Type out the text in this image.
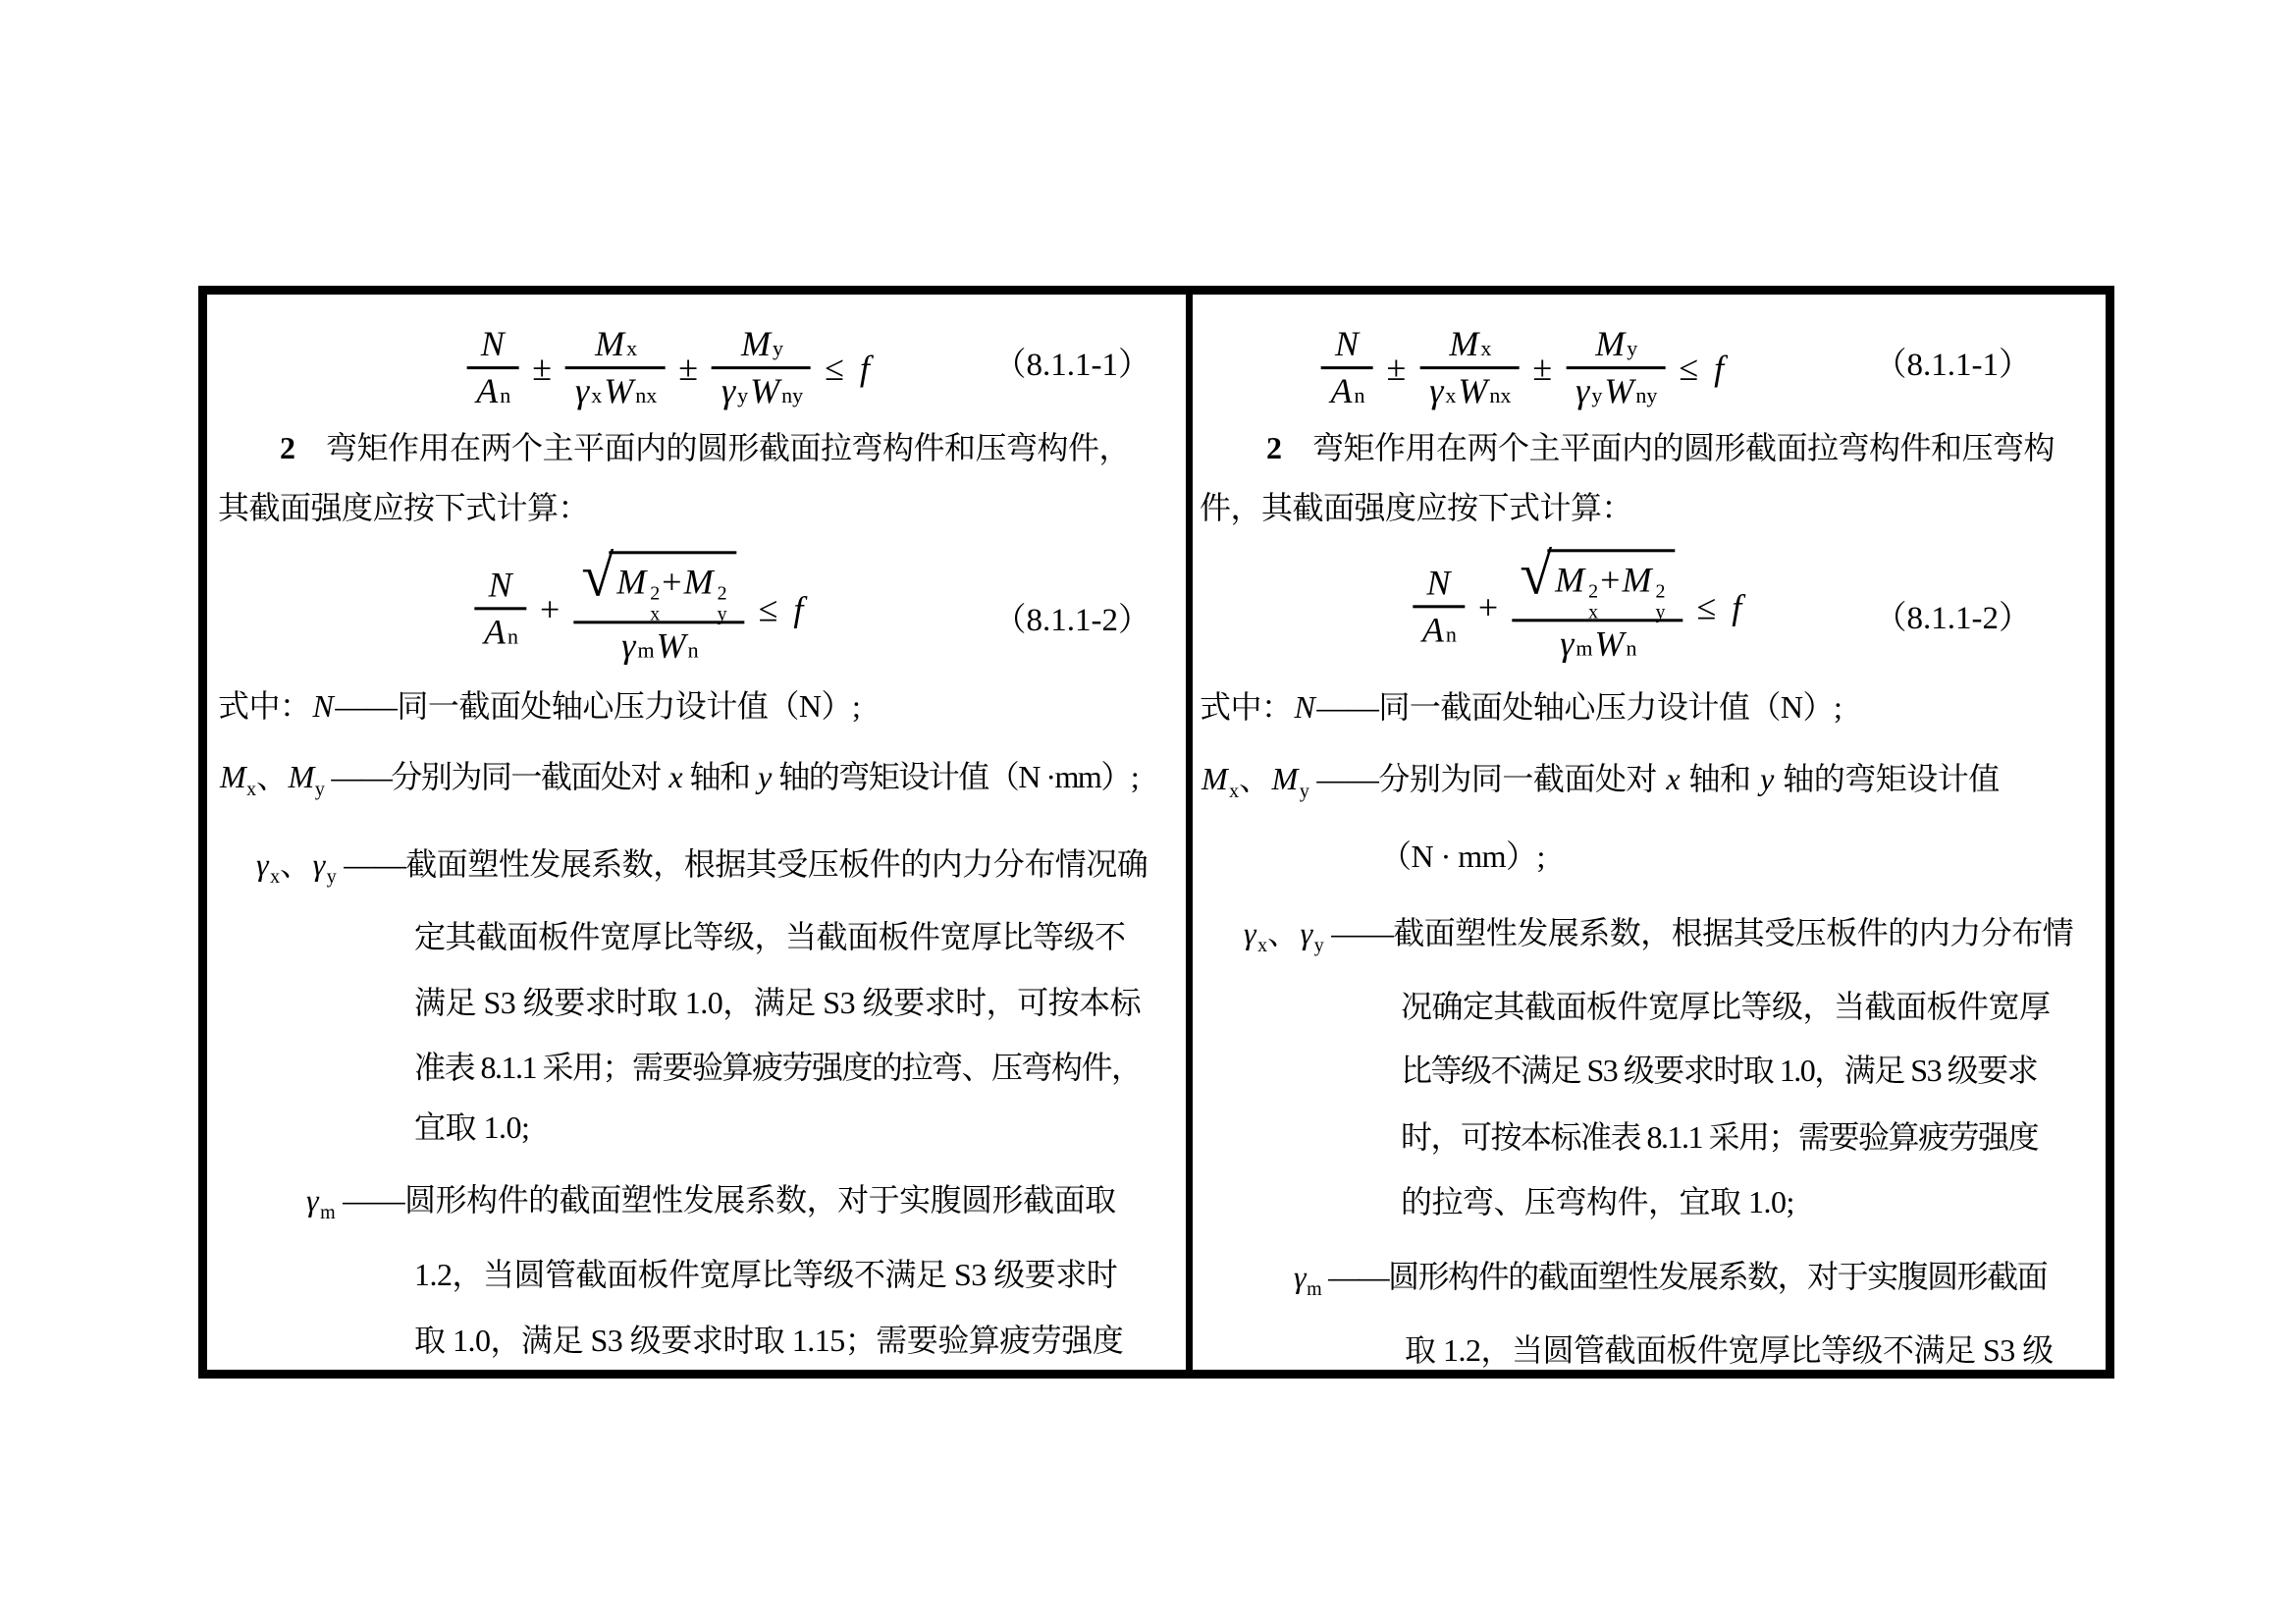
$\frac{N}{\text{A n}} \pm \frac{\text{M x}}{\text{γ x W nx}} \pm \frac{\text{M y}}{\text{γ y W ny}} \le f$	（8.1.1-1）
2　弯矩作用在两个主平面内的圆形截面拉弯构件和压弯构件，
其截面强度应按下式计算：
$\frac{N}{\text{A n}}$ + √ M 2
x
+ M 2
y
γ m W n ≤ f	（8.1.1-2）
式中：N——同一截面处轴心压力设计值（N）;
M $_x$、M $_y$ ——分别为同一截面处对 x 轴和 y 轴的弯矩设计值（N ·mm）;
γ $_x$、γ $_y$ ——截面塑性发展系数，根据其受压板件的内力分布情况确
定其截面板件宽厚比等级，当截面板件宽厚比等级不
满足 S3 级要求时取 1.0，满足 S3 级要求时，可按本标
准表 8.1.1 采用；需要验算疲劳强度的拉弯、压弯构件，
宜取 1.0;
γ $_m$ ——圆形构件的截面塑性发展系数，对于实腹圆形截面取
1.2，当圆管截面板件宽厚比等级不满足 S3 级要求时
取 1.0，满足 S3 级要求时取 1.15；需要验算疲劳强度
$\frac{N}{\text{A n}} \pm \frac{\text{M x}}{\text{γ x W nx}} \pm \frac{\text{M y}}{\text{γ y W ny}} \le f$	（8.1.1-1）
2　弯矩作用在两个主平面内的圆形截面拉弯构件和压弯构
件，其截面强度应按下式计算：
$\frac{N}{\text{A n}}$ + √ M 2
x
+ M 2
y
γ m W n ≤ f	（8.1.1-2）
式中：N——同一截面处轴心压力设计值（N）;
M $_x$、M $_y$ ——分别为同一截面处对 x 轴和 y 轴的弯矩设计值
（N · mm）;
γ $_x$、γ $_y$ ——截面塑性发展系数，根据其受压板件的内力分布情
况确定其截面板件宽厚比等级，当截面板件宽厚
比等级不满足 S3 级要求时取 1.0，满足 S3 级要求
时，可按本标准表 8.1.1 采用；需要验算疲劳强度
的拉弯、压弯构件，宜取 1.0;
γ $_m$ ——圆形构件的截面塑性发展系数，对于实腹圆形截面
取 1.2，当圆管截面板件宽厚比等级不满足 S3 级
